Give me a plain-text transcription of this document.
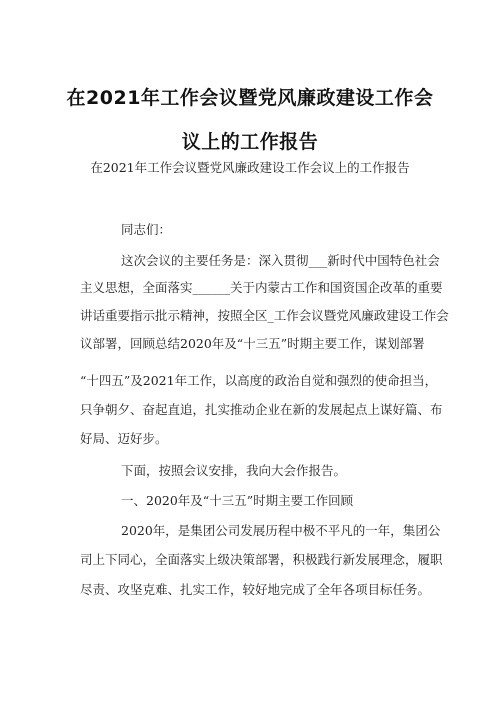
在2021年工作会议暨党风廉政建设工作会
议上的工作报告
在2021年工作会议暨党风廉政建设工作会议上的工作报告
同志们：
这次会议的主要任务是：深入贯彻___新时代中国特色社会
主义思想，全面落实______关于内蒙古工作和国资国企改革的重要
讲话重要指示批示精神，按照全区_工作会议暨党风廉政建设工作会
议部署，回顾总结2020年及“十三五”时期主要工作，谋划部署
“十四五”及2021年工作，以高度的政治自觉和强烈的使命担当，
只争朝夕、奋起直追，扎实推动企业在新的发展起点上谋好篇、布
好局、迈好步。
下面，按照会议安排，我向大会作报告。
一、2020年及“十三五”时期主要工作回顾
2020年，是集团公司发展历程中极不平凡的一年，集团公
司上下同心，全面落实上级决策部署，积极践行新发展理念，履职
尽责、攻坚克难、扎实工作，较好地完成了全年各项目标任务。
